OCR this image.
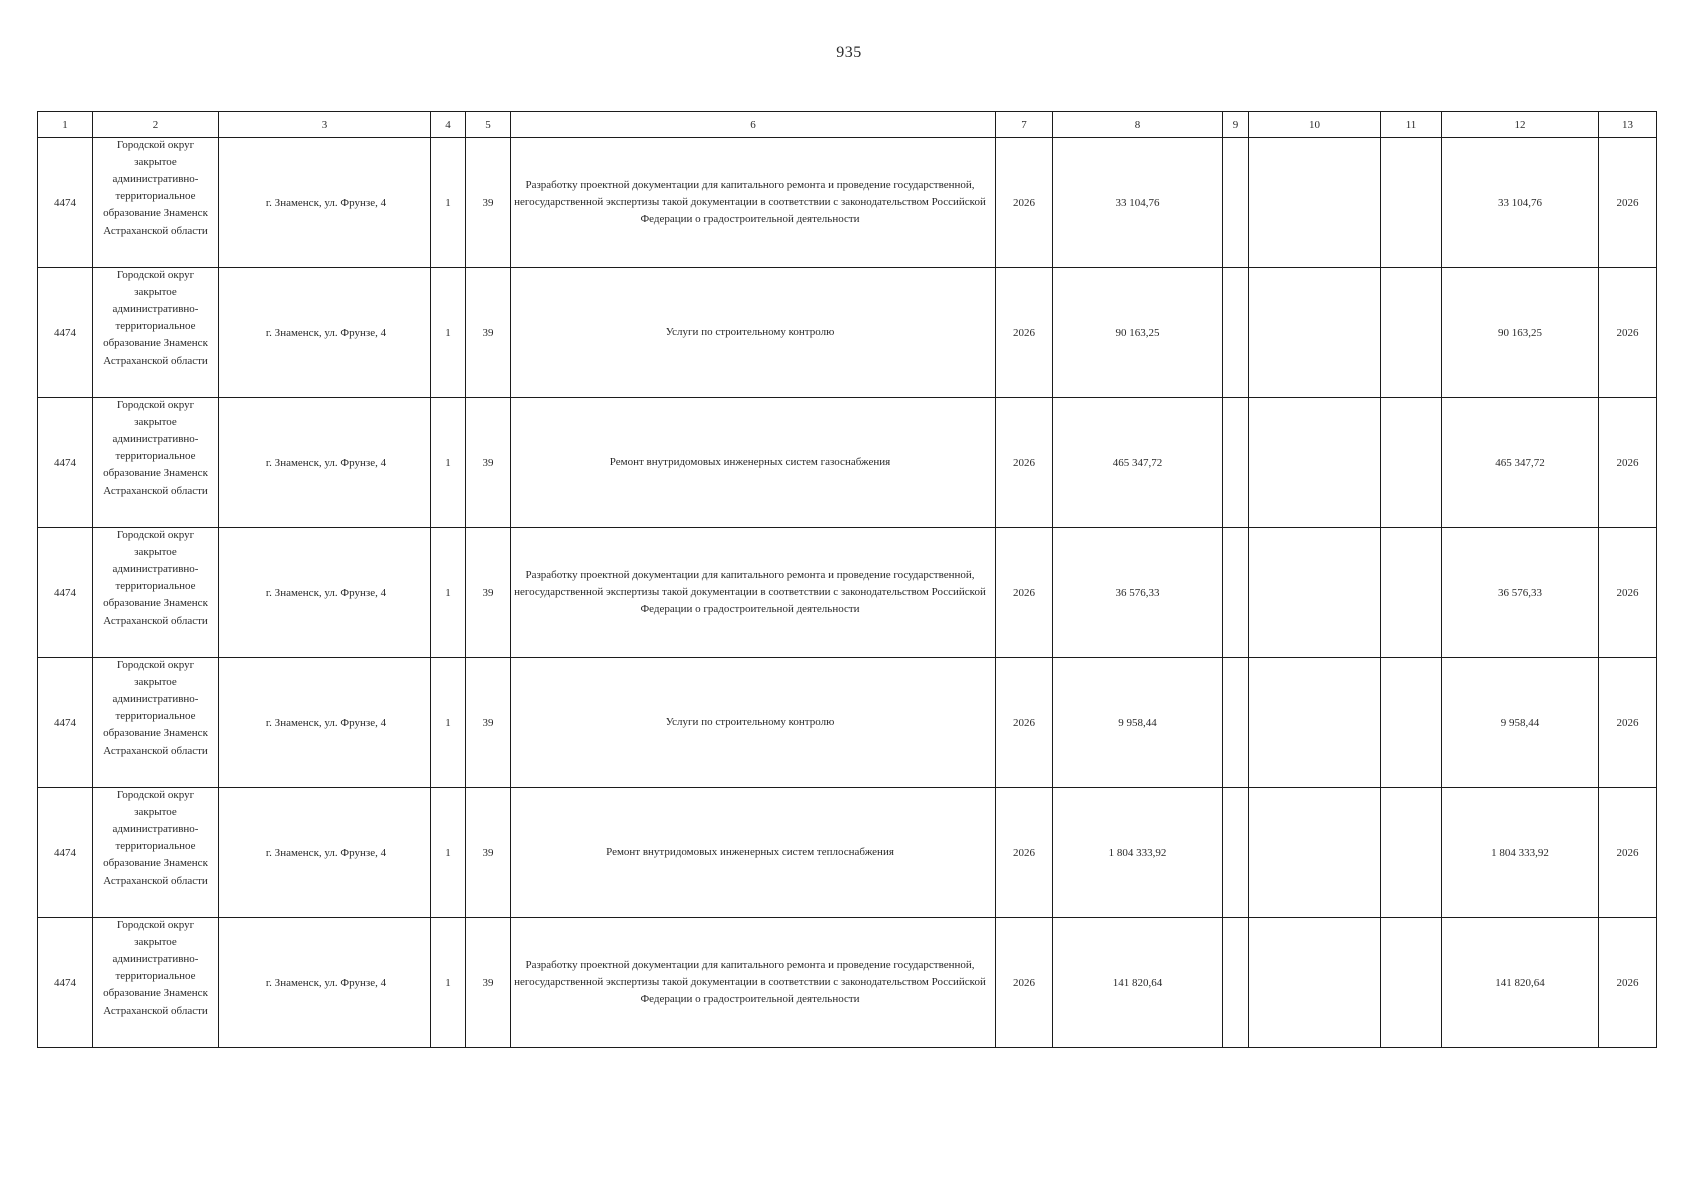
935
1	2	3	4	5	6	7	8	9	10	11	12	13
4474	Городской округ закрытое административно-территориальное образование Знаменск Астраханской области	г. Знаменск, ул. Фрунзе, 4	1	39	Разработку проектной документации для капитального ремонта и проведение государственной, негосударственной экспертизы такой документации в соответствии с законодательством Российской Федерации о градостроительной деятельности	2026	33 104,76				33 104,76	2026
4474	Городской округ закрытое административно-территориальное образование Знаменск Астраханской области	г. Знаменск, ул. Фрунзе, 4	1	39	Услуги по строительному контролю	2026	90 163,25				90 163,25	2026
4474	Городской округ закрытое административно-территориальное образование Знаменск Астраханской области	г. Знаменск, ул. Фрунзе, 4	1	39	Ремонт внутридомовых инженерных систем газоснабжения	2026	465 347,72				465 347,72	2026
4474	Городской округ закрытое административно-территориальное образование Знаменск Астраханской области	г. Знаменск, ул. Фрунзе, 4	1	39	Разработку проектной документации для капитального ремонта и проведение государственной, негосударственной экспертизы такой документации в соответствии с законодательством Российской Федерации о градостроительной деятельности	2026	36 576,33				36 576,33	2026
4474	Городской округ закрытое административно-территориальное образование Знаменск Астраханской области	г. Знаменск, ул. Фрунзе, 4	1	39	Услуги по строительному контролю	2026	9 958,44				9 958,44	2026
4474	Городской округ закрытое административно-территориальное образование Знаменск Астраханской области	г. Знаменск, ул. Фрунзе, 4	1	39	Ремонт внутридомовых инженерных систем теплоснабжения	2026	1 804 333,92				1 804 333,92	2026
4474	Городской округ закрытое административно-территориальное образование Знаменск Астраханской области	г. Знаменск, ул. Фрунзе, 4	1	39	Разработку проектной документации для капитального ремонта и проведение государственной, негосударственной экспертизы такой документации в соответствии с законодательством Российской Федерации о градостроительной деятельности	2026	141 820,64				141 820,64	2026
